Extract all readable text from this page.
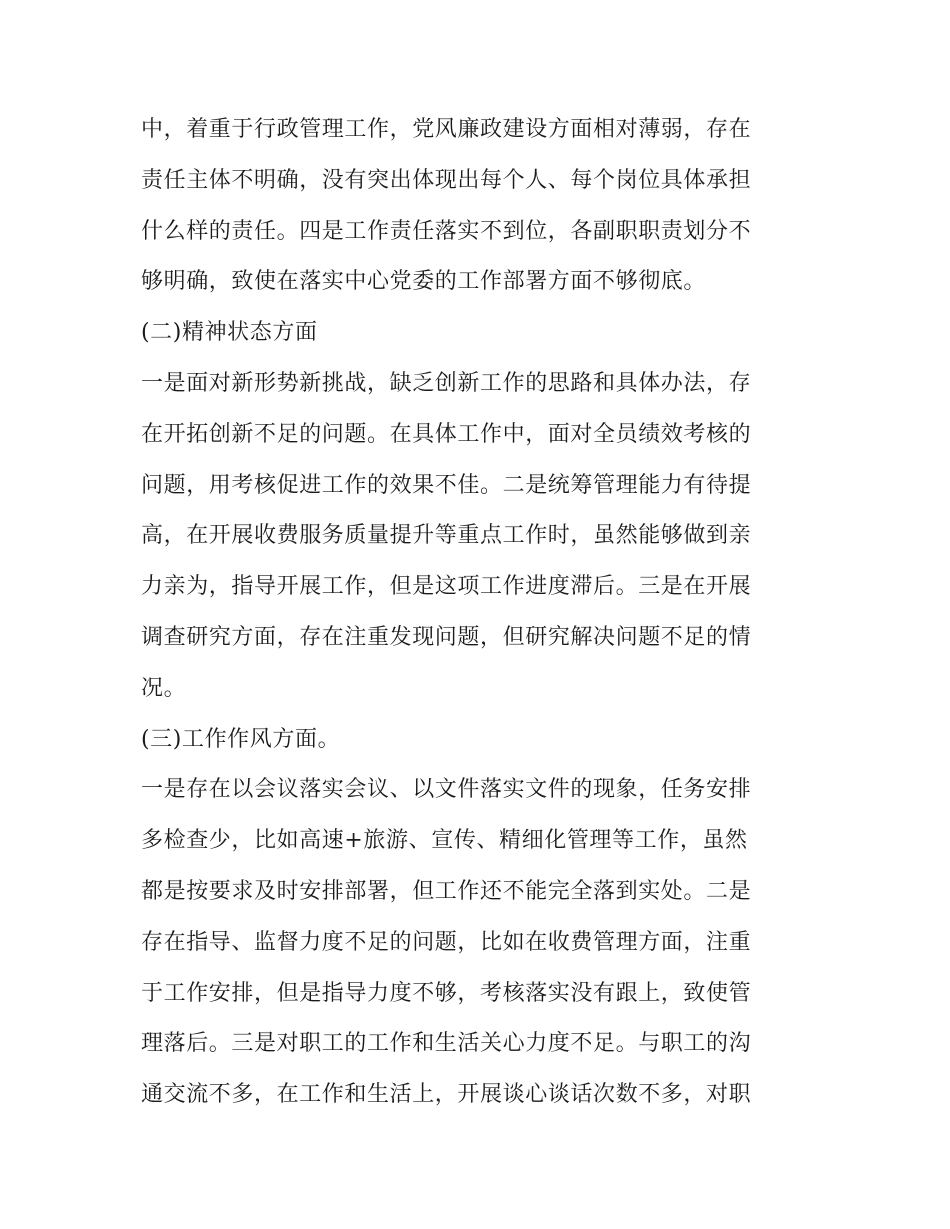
中，着重于行政管理工作，党风廉政建设方面相对薄弱，存在
责任主体不明确，没有突出体现出每个人、每个岗位具体承担
什么样的责任。四是工作责任落实不到位，各副职职责划分不
够明确，致使在落实中心党委的工作部署方面不够彻底。
(二)精神状态方面
一是面对新形势新挑战，缺乏创新工作的思路和具体办法，存
在开拓创新不足的问题。在具体工作中，面对全员绩效考核的
问题，用考核促进工作的效果不佳。二是统筹管理能力有待提
高，在开展收费服务质量提升等重点工作时，虽然能够做到亲
力亲为，指导开展工作，但是这项工作进度滞后。三是在开展
调查研究方面，存在注重发现问题，但研究解决问题不足的情
况。
(三)工作作风方面。
一是存在以会议落实会议、以文件落实文件的现象，任务安排
多检查少，比如高速+旅游、宣传、精细化管理等工作，虽然
都是按要求及时安排部署，但工作还不能完全落到实处。二是
存在指导、监督力度不足的问题，比如在收费管理方面，注重
于工作安排，但是指导力度不够，考核落实没有跟上，致使管
理落后。三是对职工的工作和生活关心力度不足。与职工的沟
通交流不多，在工作和生活上，开展谈心谈话次数不多，对职
